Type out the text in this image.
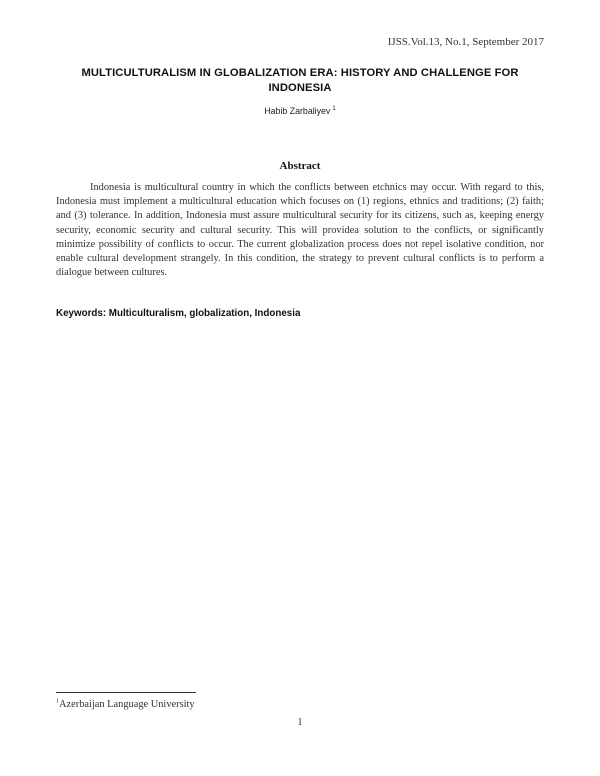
IJSS.Vol.13, No.1, September 2017
MULTICULTURALISM IN GLOBALIZATION ERA: HISTORY AND CHALLENGE FOR INDONESIA
Habib Zarbaliyev $^1$
Abstract
Indonesia is multicultural country in which the conflicts between etchnics may occur. With regard to this, Indonesia must implement a multicultural education which focuses on (1) regions, ethnics and traditions; (2) faith; and (3) tolerance. In addition, Indonesia must assure multicultural security for its citizens, such as, keeping energy security, economic security and cultural security. This will providea solution to the conflicts, or significantly minimize possibility of conflicts to occur. The current globalization process does not repel isolative condition, nor enable cultural development strangely. In this condition, the strategy to prevent cultural conflicts is to perform a dialogue between cultures.
Keywords: Multiculturalism, globalization, Indonesia
$^1$Azerbaijan Language University
1
